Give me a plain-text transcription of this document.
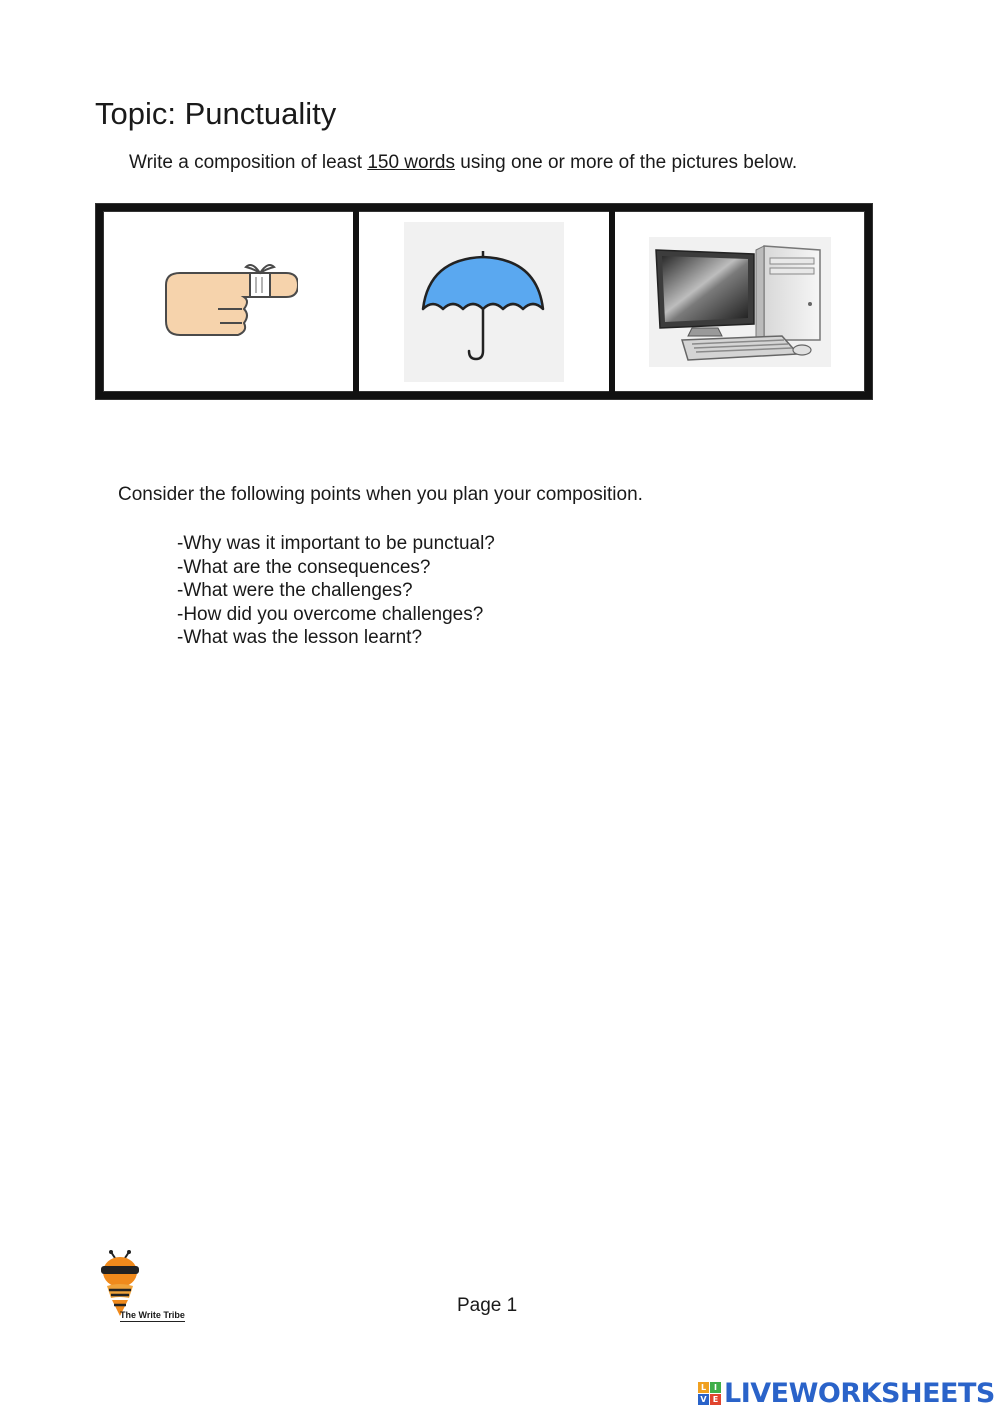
Topic: Punctuality
Write a composition of least 150 words using one or more of the pictures below.
Consider the following points when you plan your composition.
-Why was it important to be punctual?
-What are the consequences?
-What were the challenges?
-How did you overcome challenges?
-What was the lesson learnt?
The Write Tribe	Page 1
L I
V E LIVEWORKSHEETS
